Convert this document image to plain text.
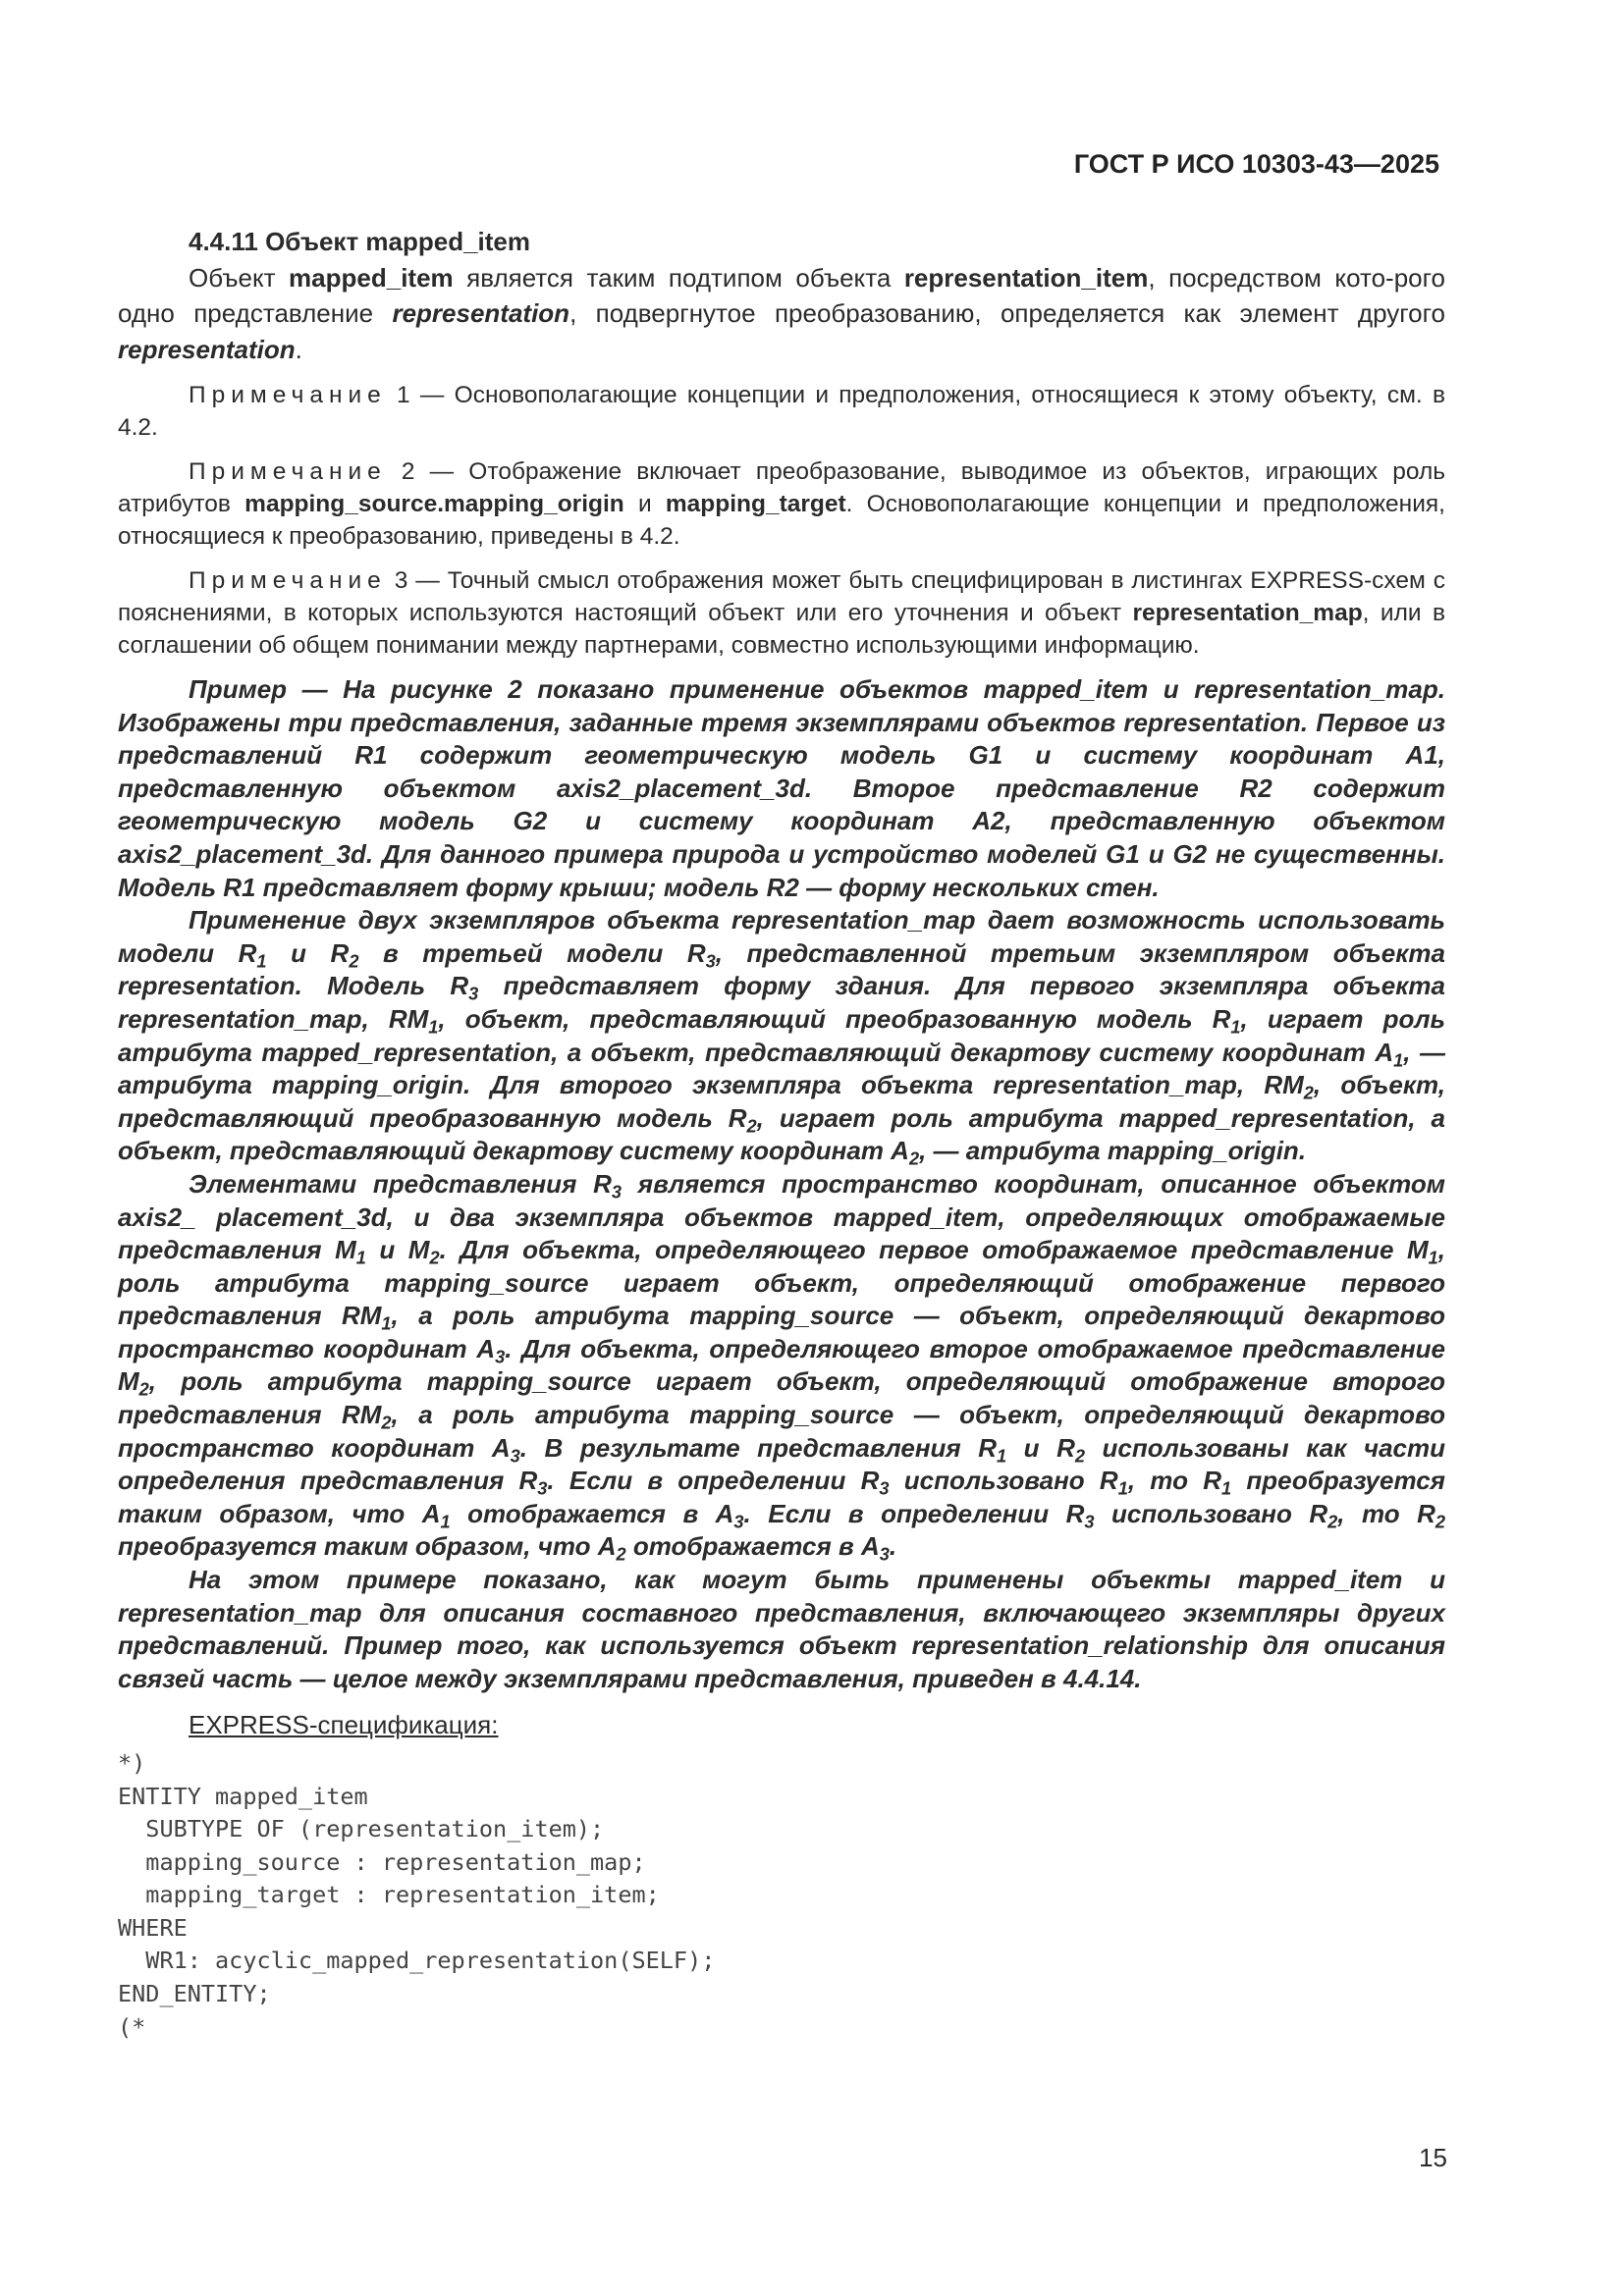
ГОСТ Р ИСО 10303-43—2025

4.4.11 Объект mapped_item

Объект mapped_item является таким подтипом объекта representation_item, посредством кото-рого одно представление representation, подвергнутое преобразованию, определяется как элемент другого representation.

Примечание 1 — Основополагающие концепции и предположения, относящиеся к этому объекту, см. в 4.2.

Примечание 2 — Отображение включает преобразование, выводимое из объектов, играющих роль атрибутов mapping_source.mapping_origin и mapping_target. Основополагающие концепции и предположения, относящиеся к преобразованию, приведены в 4.2.

Примечание 3 — Точный смысл отображения может быть специфицирован в листингах EXPRESS-схем с пояснениями, в которых используются настоящий объект или его уточнения и объект representation_map, или в соглашении об общем понимании между партнерами, совместно использующими информацию.

Пример — На рисунке 2 показано применение объектов mapped_item и representation_map. Изображены три представления, заданные тремя экземплярами объектов representation. Первое из представлений R1 содержит геометрическую модель G1 и систему координат A1, представленную объектом axis2_placement_3d. Второе представление R2 содержит геометрическую модель G2 и систему координат A2, представленную объектом axis2_placement_3d. Для данного примера природа и устройство моделей G1 и G2 не существенны. Модель R1 представляет форму крыши; модель R2 — форму нескольких стен.

Применение двух экземпляров объекта representation_map дает возможность использовать модели $R_1$ и $R_2$ в третьей модели $R_3$, представленной третьим экземпляром объекта representation. Модель $R_3$ представляет форму здания. Для первого экземпляра объекта representation_map, $RM_1$, объект, представляющий преобразованную модель $R_1$, играет роль атрибута mapped_representation, а объект, представляющий декартову систему координат $A_1$, — атрибута mapping_origin. Для второго экземпляра объекта representation_map, $RM_2$, объект, представляющий преобразованную модель $R_2$, играет роль атрибута mapped_representation, а объект, представляющий декартову систему координат $A_2$, — атрибута mapping_origin.

Элементами представления $R_3$ является пространство координат, описанное объектом axis2_ placement_3d, и два экземпляра объектов mapped_item, определяющих отображаемые представления $M_1$ и $M_2$. Для объекта, определяющего первое отображаемое представление $M_1$, роль атрибута mapping_source играет объект, определяющий отображение первого представления $RM_1$, а роль атрибута mapping_source — объект, определяющий декартово пространство координат $A_3$. Для объекта, определяющего второе отображаемое представление $M_2$, роль атрибута mapping_source играет объект, определяющий отображение второго представления $RM_2$, а роль атрибута mapping_source — объект, определяющий декартово пространство координат $A_3$. В результате представления $R_1$ и $R_2$ использованы как части определения представления $R_3$. Если в определении $R_3$ использовано $R_1$, то $R_1$ преобразуется таким образом, что $A_1$ отображается в $A_3$. Если в определении $R_3$ использовано $R_2$, то $R_2$ преобразуется таким образом, что $A_2$ отображается в $A_3$.

На этом примере показано, как могут быть применены объекты mapped_item и representation_map для описания составного представления, включающего экземпляры других представлений. Пример того, как используется объект representation_relationship для описания связей часть — целое между экземплярами представления, приведен в 4.4.14.

EXPRESS-спецификация:

*)
ENTITY mapped_item
SUBTYPE OF (representation_item);
mapping_source : representation_map;
mapping_target : representation_item;
WHERE
WR1: acyclic_mapped_representation(SELF);
END_ENTITY;
(*
15
